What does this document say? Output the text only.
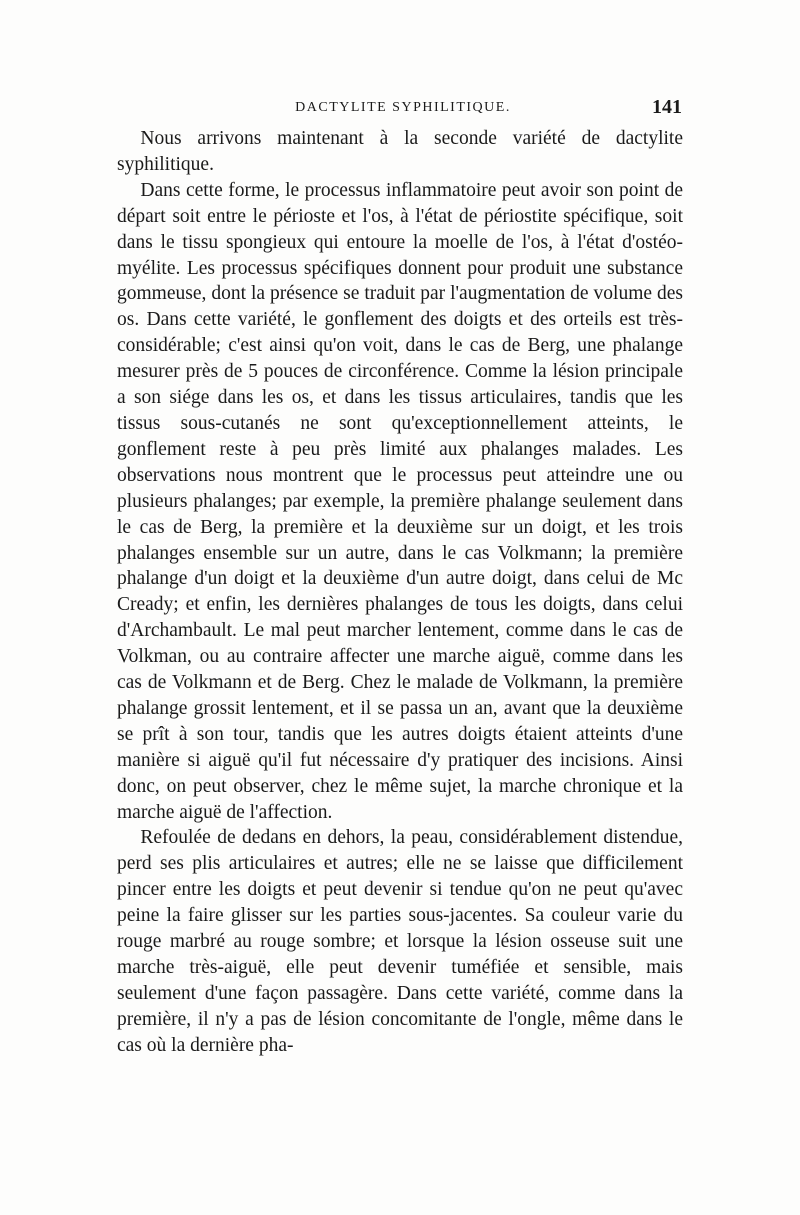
DACTYLITE SYPHILITIQUE.	141

Nous arrivons maintenant à la seconde variété de dactylite syphilitique.

Dans cette forme, le processus inflammatoire peut avoir son point de départ soit entre le périoste et l'os, à l'état de périostite spécifique, soit dans le tissu spongieux qui entoure la moelle de l'os, à l'état d'ostéo-myélite. Les processus spécifiques donnent pour produit une substance gommeuse, dont la présence se traduit par l'augmentation de volume des os. Dans cette variété, le gonflement des doigts et des orteils est très-considérable; c'est ainsi qu'on voit, dans le cas de Berg, une phalange mesurer près de 5 pouces de circonférence. Comme la lésion principale a son siége dans les os, et dans les tissus articulaires, tandis que les tissus sous-cutanés ne sont qu'exceptionnellement atteints, le gonflement reste à peu près limité aux phalanges malades. Les observations nous montrent que le processus peut atteindre une ou plusieurs phalanges; par exemple, la première phalange seulement dans le cas de Berg, la première et la deuxième sur un doigt, et les trois phalanges ensemble sur un autre, dans le cas Volkmann; la première phalange d'un doigt et la deuxième d'un autre doigt, dans celui de Mc Cready; et enfin, les dernières phalanges de tous les doigts, dans celui d'Archambault. Le mal peut marcher lentement, comme dans le cas de Volkman, ou au contraire affecter une marche aiguë, comme dans les cas de Volkmann et de Berg. Chez le malade de Volkmann, la première phalange grossit lentement, et il se passa un an, avant que la deuxième se prît à son tour, tandis que les autres doigts étaient atteints d'une manière si aiguë qu'il fut nécessaire d'y pratiquer des incisions. Ainsi donc, on peut observer, chez le même sujet, la marche chronique et la marche aiguë de l'affection.

Refoulée de dedans en dehors, la peau, considérablement distendue, perd ses plis articulaires et autres; elle ne se laisse que difficilement pincer entre les doigts et peut devenir si tendue qu'on ne peut qu'avec peine la faire glisser sur les parties sous-jacentes. Sa couleur varie du rouge marbré au rouge sombre; et lorsque la lésion osseuse suit une marche très-aiguë, elle peut devenir tuméfiée et sensible, mais seulement d'une façon passagère. Dans cette variété, comme dans la première, il n'y a pas de lésion concomitante de l'ongle, même dans le cas où la dernière pha-
